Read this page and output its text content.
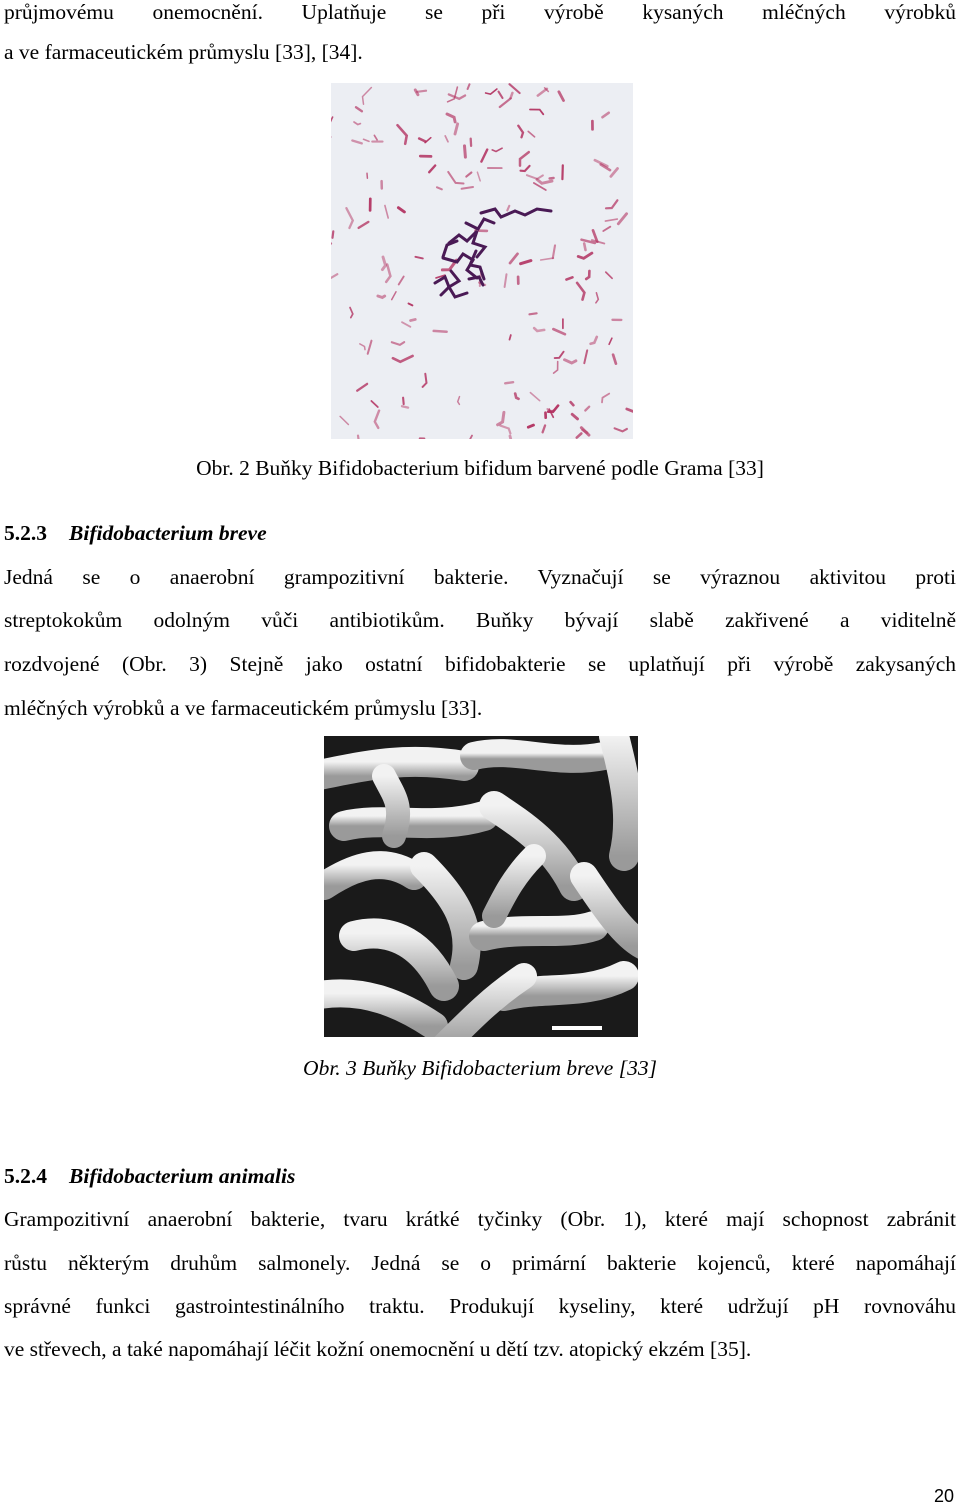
průjmovému onemocnění. Uplatňuje se při výrobě kysaných mléčných výrobků
a ve farmaceutickém průmyslu [33], [34].
Obr. 2 Buňky Bifidobacterium bifidum barvené podle Grama [33]
5.2.3 Bifidobacterium breve
Jedná se o anaerobní grampozitivní bakterie. Vyznačují se výraznou aktivitou proti
streptokokům odolným vůči antibiotikům. Buňky bývají slabě zakřivené a viditelně
rozdvojené (Obr. 3) Stejně jako ostatní bifidobakterie se uplatňují při výrobě zakysaných
mléčných výrobků a ve farmaceutickém průmyslu [33].
Obr. 3 Buňky Bifidobacterium breve [33]
5.2.4 Bifidobacterium animalis
Grampozitivní anaerobní bakterie, tvaru krátké tyčinky (Obr. 1), které mají schopnost zabránit
růstu některým druhům salmonely. Jedná se o primární bakterie kojenců, které napomáhají
správné funkci gastrointestinálního traktu. Produkují kyseliny, které udržují pH rovnováhu
ve střevech, a také napomáhají léčit kožní onemocnění u dětí tzv. atopický ekzém [35].
20
